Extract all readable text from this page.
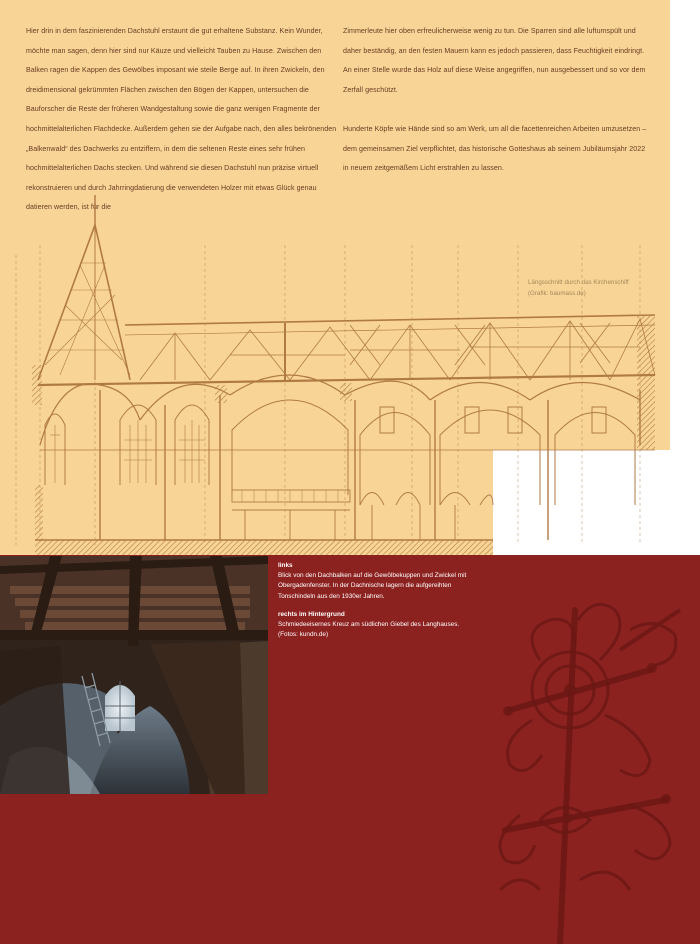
Hier drin in dem faszinierenden Dachstuhl erstaunt die gut erhaltene Substanz. Kein Wunder, möchte man sagen, denn hier sind nur Käuze und vielleicht Tauben zu Hause. Zwischen den Balken ragen die Kappen des Gewölbes imposant wie steile Berge auf. In ihren Zwickeln, den dreidimensional gekrümmten Flächen zwischen den Bögen der Kappen, untersuchen die Bauforscher die Reste der früheren Wandgestaltung sowie die ganz wenigen Fragmente der hochmittelalterlichen Flachdecke. Außerdem gehen sie der Aufgabe nach, den alles bekrönenden „Balkenwald“ des Dachwerks zu entziffern, in dem die seltenen Reste eines sehr frühen hochmittelalterlichen Dachs stecken. Und während sie diesen Dachstuhl nun präzise virtuell rekonstruieren und durch Jahrringdatierung die verwendeten Holzer mit etwas Glück genau datieren werden, ist für die

Zimmerleute hier oben erfreulicherweise wenig zu tun. Die Sparren sind alle luftumspült und daher beständig, an den festen Mauern kann es jedoch passieren, dass Feuchtigkeit eindringt. An einer Stelle wurde das Holz auf diese Weise angegriffen, nun ausgebessert und so vor dem Zerfall geschützt.

Hunderte Köpfe wie Hände sind so am Werk, um all die facettenreichen Arbeiten umzusetzen – dem gemeinsamen Ziel verpflichtet, das historische Gotteshaus ab seinem Jubiläumsjahr 2022 in neuem zeitgemäßem Licht erstrahlen zu lassen.

Längsschnitt durch das Kirchenschiff
(Grafik: baumass.de)
links
Blick von den Dachbalken auf die Gewölbekuppen und Zwickel mit Obergadenfenster. In der Dachnische lagern die aufgereihten Tonschindeln aus den 1930er Jahren.
rechts im Hintergrund
Schmiedeeisernes Kreuz am südlichen Giebel des Langhauses.
(Fotos: kundn.de)
